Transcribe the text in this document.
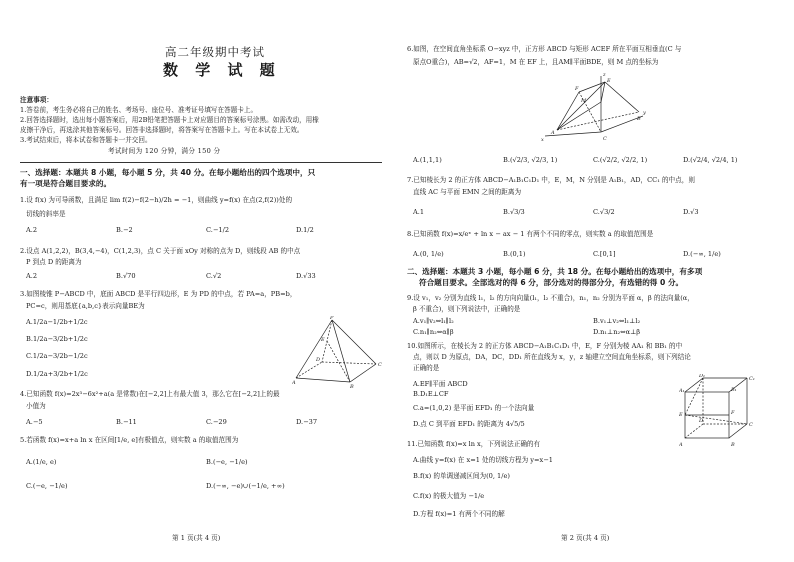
高二年级期中考试
数 学 试 题
注意事项：
1.答卷前，考生务必将自己的姓名、考场号、座位号、准考证号填写在答题卡上。
2.回答选择题时，选出每小题答案后，用2B铅笔把答题卡上对应题目的答案标号涂黑。如需改动，用橡
皮擦干净后，再选涂其他答案标号。回答非选择题时，将答案写在答题卡上。写在本试卷上无效。
3.考试结束后，将本试卷和答题卡一并交回。
考试时间为 120 分钟，满分 150 分
一、选择题：本题共 8 小题，每小题 5 分，共 40 分。在每小题给出的四个选项中，只
有一项是符合题目要求的。
1.设 f(x) 为可导函数，且满足 lim f(2)−f(2−h)/2h = −1，则曲线 y=f(x) 在点(2,f(2))处的
切线的斜率是
A.2	B.−2	C.−1/2	D.1/2
2.设点 A(1,2,2)，B(3,4,−4)，C(1,2,3)，点 C 关于面 xOy 对称的点为 D，则线段 AB 的中点
P 到点 D 的距离为
A.2	B.√70	C.√2	D.√33
3.如图棱锥 P−ABCD 中，底面 ABCD 是平行四边形，E 为 PD 的中点，若 PA=a，PB=b，
PC=c，则用基底{a,b,c}表示向量BE为
A.1/2a−1/2b+1/2c
B.1/2a−3/2b+1/2c
C.1/2a−3/2b−1/2c
D.1/2a+3/2b+1/2c
P
A
B
C
D
E
4.已知函数 f(x)=2x³−6x²+a(a 是常数)在[−2,2]上有最大值 3，那么它在[−2,2]上的最
小值为
A.−5	B.−11	C.−29	D.−37
5.若函数 f(x)=x+a ln x 在区间[1/e, e]有极值点，则实数 a 的取值范围为
A.(1/e, e)	B.(−e, −1/e)
C.(−e, −1/e)	D.(−∞, −e)∪(−1/e, +∞)
第 1 页(共 4 页)
6.如图，在空间直角坐标系 O−xyz 中，正方形 ABCD 与矩形 ACEF 所在平面互相垂直(C 与
原点O重合)，AB=√2，AF=1，M 在 EF 上，且AM∥平面BDE，则 M 点的坐标为
z
F
E
M
A
x	C
y
B
A.(1,1,1)	B.(√2/3, √2/3, 1)	C.(√2/2, √2/2, 1)	D.(√2/4, √2/4, 1)
7.已知棱长为 2 的正方体 ABCD−A₁B₁C₁D₁ 中，E，M，N 分别是 A₁B₁，AD，CC₁ 的中点，则
直线 AC 与平面 EMN 之间的距离为
A.1	B.√3/3	C.√3/2	D.√3
8.已知函数 f(x)=x/eˣ + ln x − ax − 1 有两个不同的零点，则实数 a 的取值范围是
A.(0, 1/e)	B.(0,1)	C.[0,1]	D.(−∞, 1/e)
二、选择题：本题共 3 小题，每小题 6 分，共 18 分。在每小题给出的选项中，有多项
符合题目要求。全部选对的得 6 分，部分选对的得部分分，有选错的得 0 分。
9.设 v₁，v₂ 分别为直线 l₁，l₂ 的方向向量(l₁，l₂ 不重合)，n₁，n₂ 分别为平面 α，β 的法向量(α，
β 不重合)，则下列说法中，正确的是
A.v₁∥v₂⇔l₁∥l₂	B.v₁⊥v₂⇔l₁⊥l₂
C.n₁∥n₂⇔α∥β	D.n₁⊥n₂⇔α⊥β
10.如图所示，在棱长为 2 的正方体 ABCD−A₁B₁C₁D₁ 中，E，F 分别为棱 AA₁ 和 BB₁ 的中
点，则以 D 为原点，DA，DC，DD₁ 所在直线为 x，y，z 轴建立空间直角坐标系，则下列结论
正确的是
A.EF∥平面 ABCD
B.D₁E⊥CF
C.a=(1,0,2) 是平面 EFD₁ 的一个法向量
D.点 C 到平面 EFD₁ 的距离为 4√5/5
D₁	C₁
A₁	B₁
E	F
D
C
A	B
11.已知函数 f(x)=x ln x，下列说法正确的有
A.曲线 y=f(x) 在 x=1 处的切线方程为 y=x−1
B.f(x) 的单调递减区间为(0, 1/e)
C.f(x) 的极大值为 −1/e
D.方程 f(x)=1 有两个不同的解
第 2 页(共 4 页)
